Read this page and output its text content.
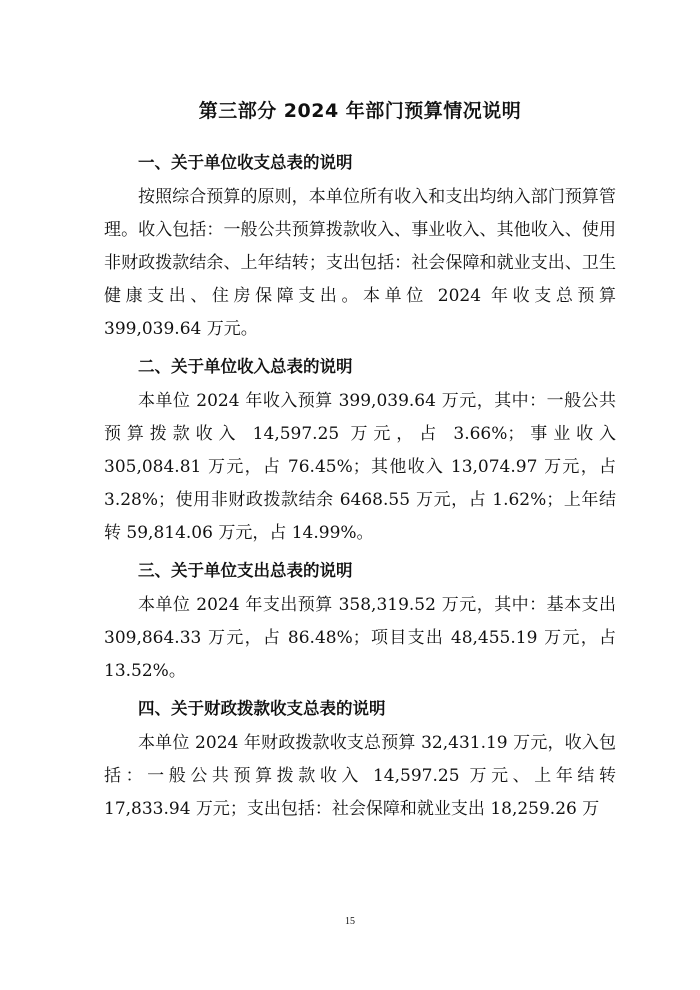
第三部分 2024 年部门预算情况说明
一、关于单位收支总表的说明

按照综合预算的原则，本单位所有收入和支出均纳入部门预算管理。收入包括：一般公共预算拨款收入、事业收入、其他收入、使用非财政拨款结余、上年结转；支出包括：社会保障和就业支出、卫生健康支出、住房保障支出。本单位 2024 年收支总预算 399,039.64 万元。

二、关于单位收入总表的说明

本单位 2024 年收入预算 399,039.64 万元，其中：一般公共预算拨款收入 14,597.25 万元，占 3.66%；事业收入 305,084.81 万元，占 76.45%；其他收入 13,074.97 万元，占 3.28%；使用非财政拨款结余 6468.55 万元，占 1.62%；上年结转 59,814.06 万元，占 14.99%。

三、关于单位支出总表的说明

本单位 2024 年支出预算 358,319.52 万元，其中：基本支出 309,864.33 万元，占 86.48%；项目支出 48,455.19 万元，占 13.52%。

四、关于财政拨款收支总表的说明

本单位 2024 年财政拨款收支总预算 32,431.19 万元，收入包括：一般公共预算拨款收入 14,597.25 万元、上年结转 17,833.94 万元；支出包括：社会保障和就业支出 18,259.26 万

15
